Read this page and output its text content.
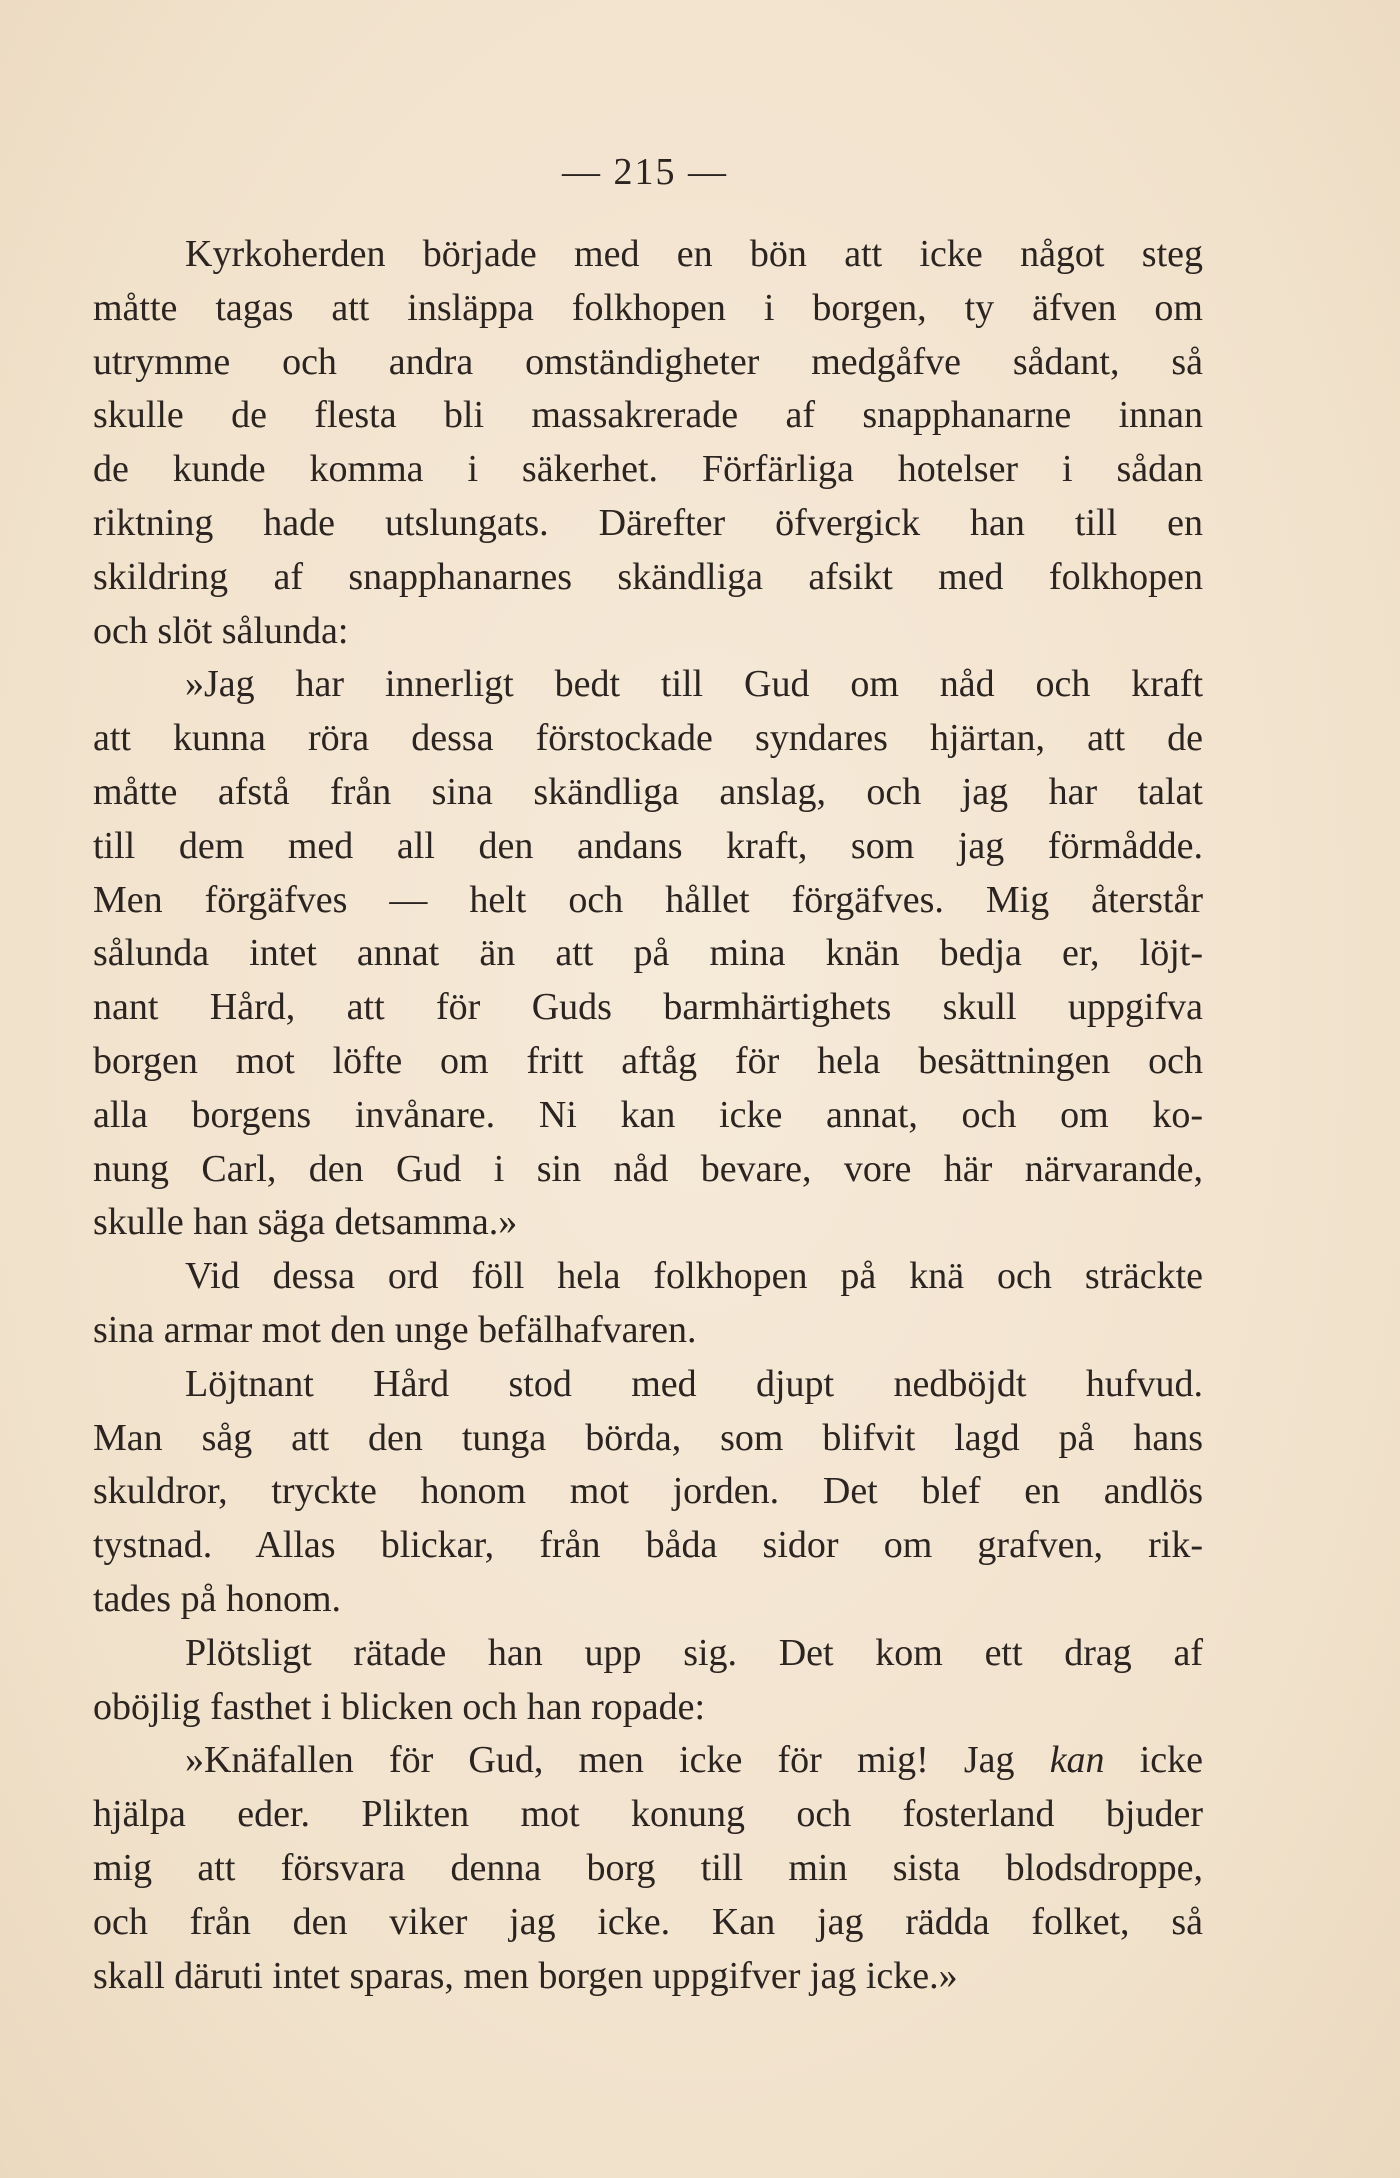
— 215 —
Kyrkoherden började med en bön att icke något steg
måtte tagas att insläppa folkhopen i borgen, ty äfven om
utrymme och andra omständigheter medgåfve sådant, så
skulle de flesta bli massakrerade af snapphanarne innan
de kunde komma i säkerhet. Förfärliga hotelser i sådan
riktning hade utslungats. Därefter öfvergick han till en
skildring af snapphanarnes skändliga afsikt med folkhopen
och slöt sålunda:
»Jag har innerligt bedt till Gud om nåd och kraft
att kunna röra dessa förstockade syndares hjärtan, att de
måtte afstå från sina skändliga anslag, och jag har talat
till dem med all den andans kraft, som jag förmådde.
Men förgäfves — helt och hållet förgäfves. Mig återstår
sålunda intet annat än att på mina knän bedja er, löjt-
nant Hård, att för Guds barmhärtighets skull uppgifva
borgen mot löfte om fritt aftåg för hela besättningen och
alla borgens invånare. Ni kan icke annat, och om ko-
nung Carl, den Gud i sin nåd bevare, vore här närvarande,
skulle han säga detsamma.»
Vid dessa ord föll hela folkhopen på knä och sträckte
sina armar mot den unge befälhafvaren.
Löjtnant Hård stod med djupt nedböjdt hufvud.
Man såg att den tunga börda, som blifvit lagd på hans
skuldror, tryckte honom mot jorden. Det blef en andlös
tystnad. Allas blickar, från båda sidor om grafven, rik-
tades på honom.
Plötsligt rätade han upp sig. Det kom ett drag af
oböjlig fasthet i blicken och han ropade:
»Knäfallen för Gud, men icke för mig! Jag kan icke
hjälpa eder. Plikten mot konung och fosterland bjuder
mig att försvara denna borg till min sista blodsdroppe,
och från den viker jag icke. Kan jag rädda folket, så
skall däruti intet sparas, men borgen uppgifver jag icke.»
